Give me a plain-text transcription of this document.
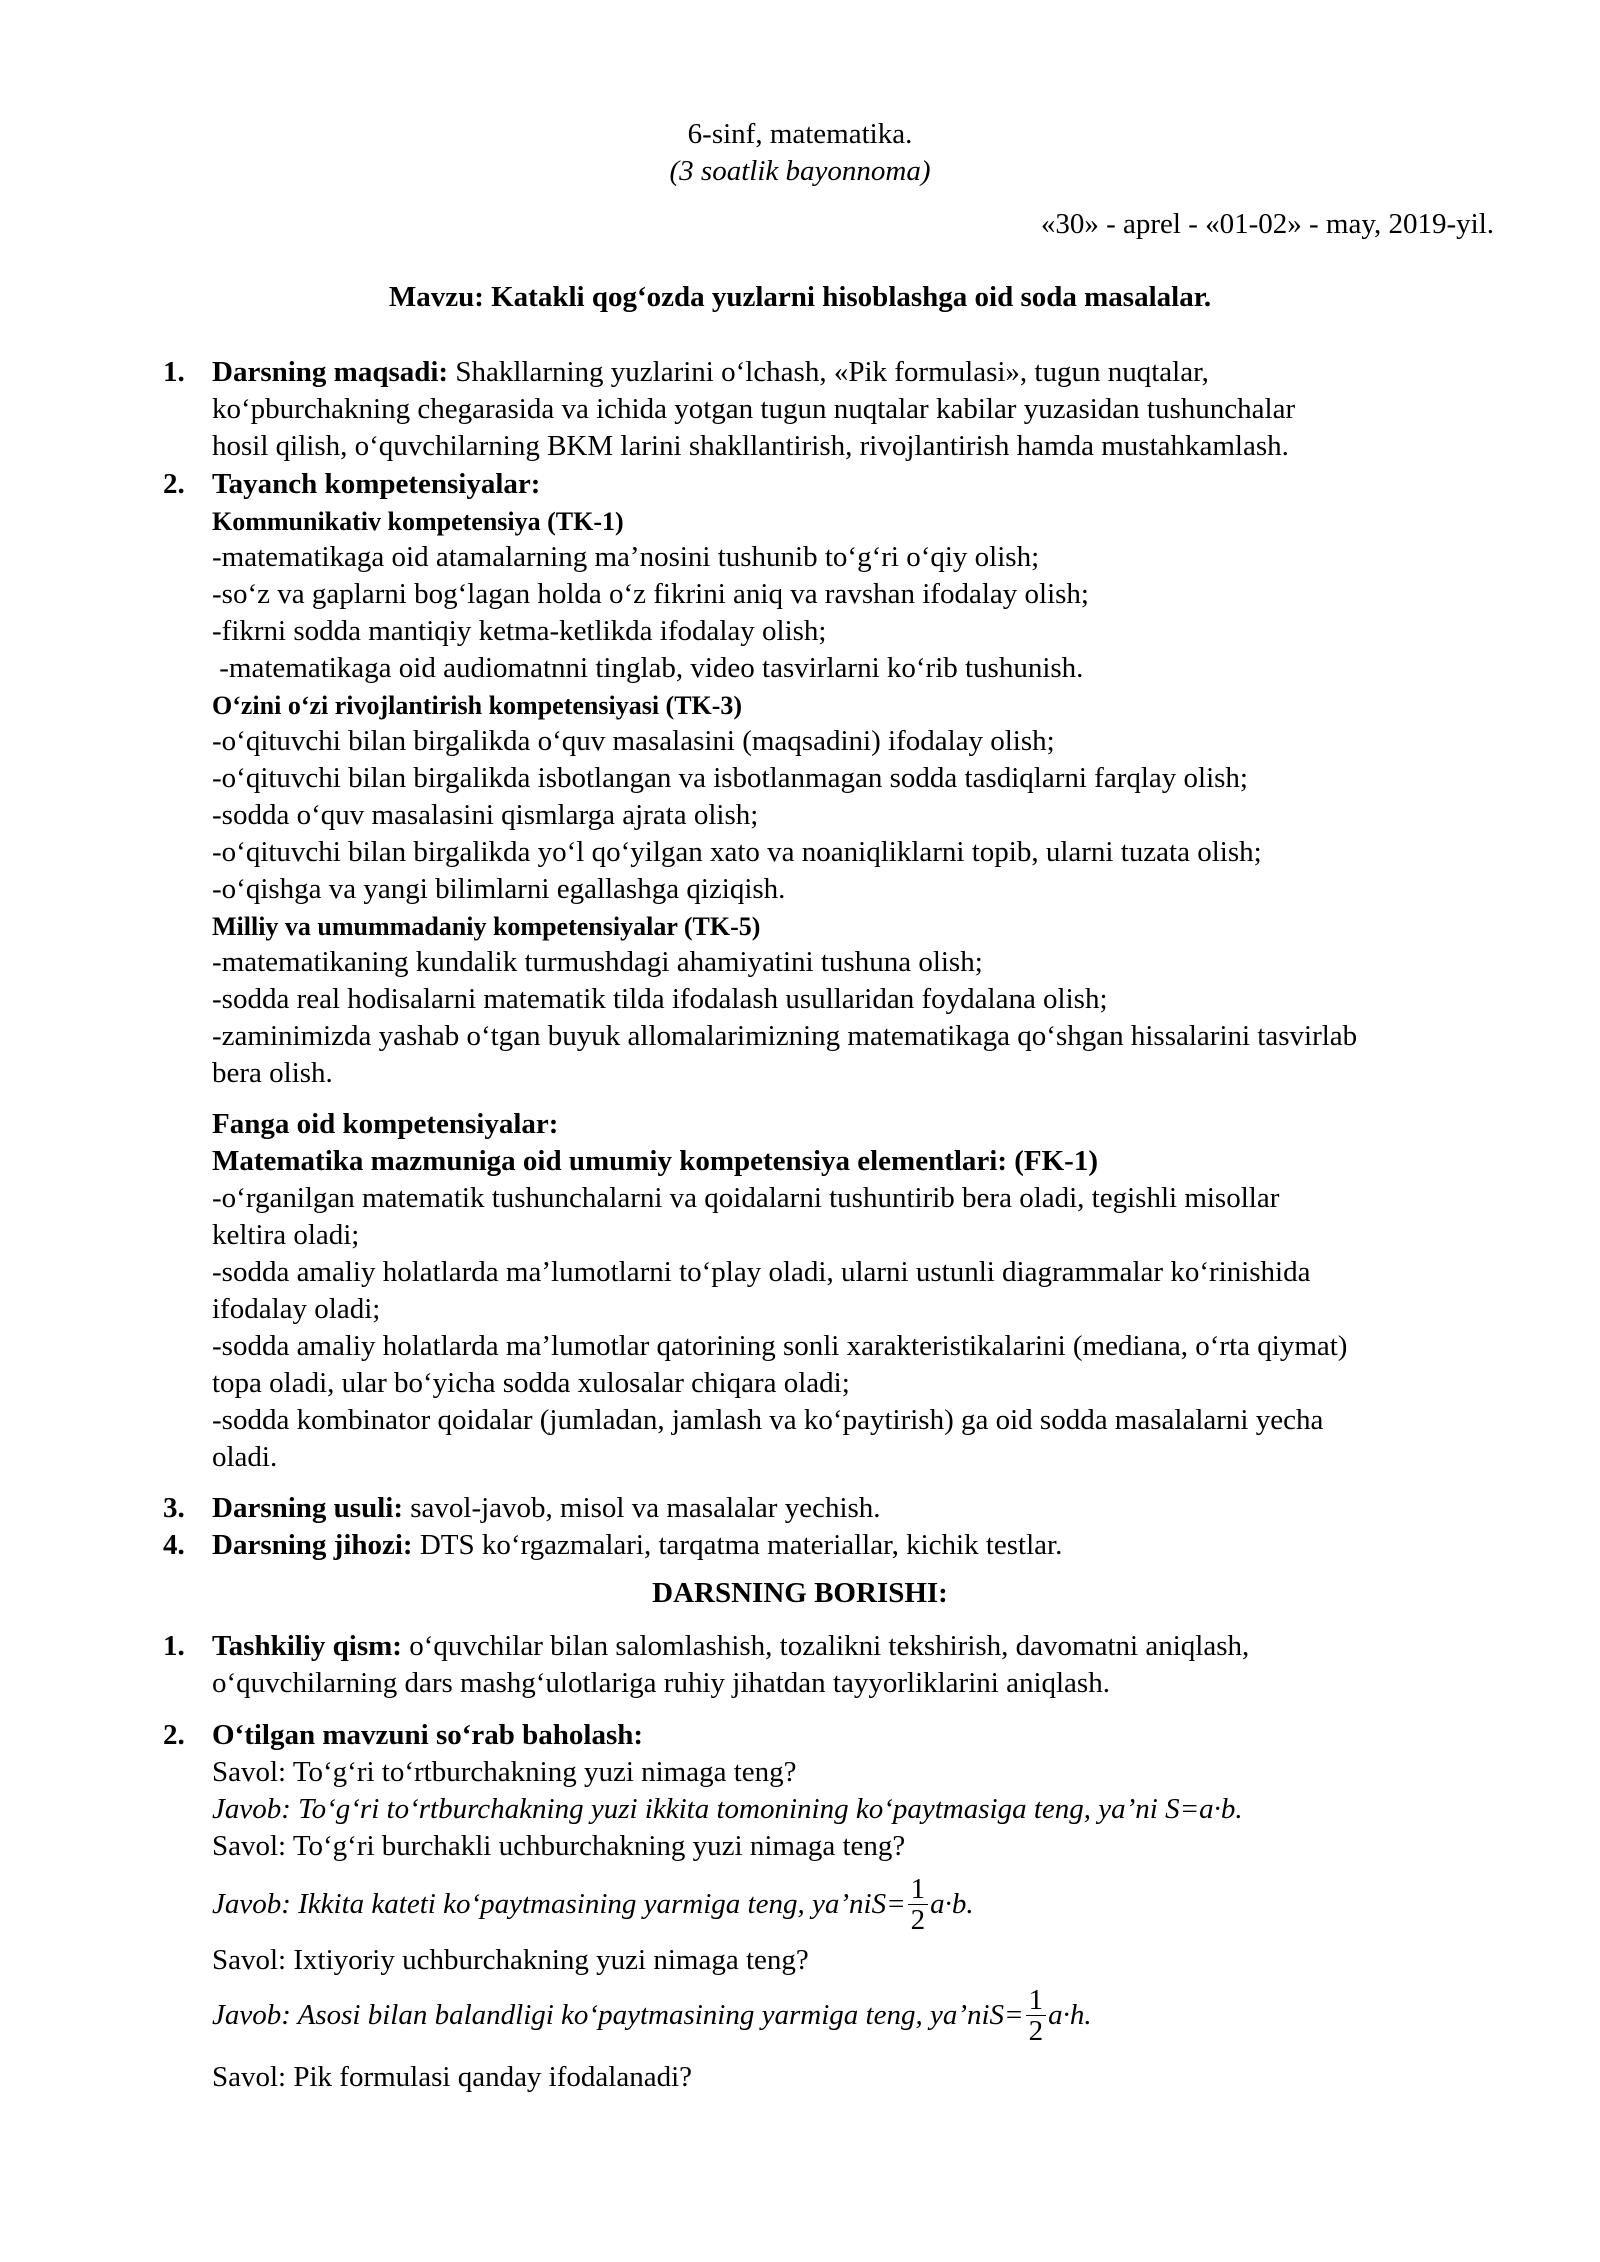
6-sinf, matematika.
(3 soatlik bayonnoma)
«30» - aprel - «01-02» - may, 2019-yil.
Mavzu: Katakli qog‘ozda yuzlarni hisoblashga oid soda masalalar.
1. Darsning maqsadi: Shakllarning yuzlarini o‘lchash, «Pik formulasi», tugun nuqtalar,
ko‘pburchakning chegarasida va ichida yotgan tugun nuqtalar kabilar yuzasidan tushunchalar
hosil qilish, o‘quvchilarning BKM larini shakllantirish, rivojlantirish hamda mustahkamlash.
2. Tayanch kompetensiyalar:
Kommunikativ kompetensiya (TK-1)
-matematikaga oid atamalarning ma’nosini tushunib to‘g‘ri o‘qiy olish;
-so‘z va gaplarni bog‘lagan holda o‘z fikrini aniq va ravshan ifodalay olish;
-fikrni sodda mantiqiy ketma-ketlikda ifodalay olish;
-matematikaga oid audiomatnni tinglab, video tasvirlarni ko‘rib tushunish.
O‘zini o‘zi rivojlantirish kompetensiyasi (TK-3)
-o‘qituvchi bilan birgalikda o‘quv masalasini (maqsadini) ifodalay olish;
-o‘qituvchi bilan birgalikda isbotlangan va isbotlanmagan sodda tasdiqlarni farqlay olish;
-sodda o‘quv masalasini qismlarga ajrata olish;
-o‘qituvchi bilan birgalikda yo‘l qo‘yilgan xato va noaniqliklarni topib, ularni tuzata olish;
-o‘qishga va yangi bilimlarni egallashga qiziqish.
Milliy va umummadaniy kompetensiyalar (TK-5)
-matematikaning kundalik turmushdagi ahamiyatini tushuna olish;
-sodda real hodisalarni matematik tilda ifodalash usullaridan foydalana olish;
-zaminimizda yashab o‘tgan buyuk allomalarimizning matematikaga qo‘shgan hissalarini tasvirlab
bera olish.
Fanga oid kompetensiyalar:
Matematika mazmuniga oid umumiy kompetensiya elementlari: (FK-1)
-o‘rganilgan matematik tushunchalarni va qoidalarni tushuntirib bera oladi, tegishli misollar
keltira oladi;
-sodda amaliy holatlarda ma’lumotlarni to‘play oladi, ularni ustunli diagrammalar ko‘rinishida
ifodalay oladi;
-sodda amaliy holatlarda ma’lumotlar qatorining sonli xarakteristikalarini (mediana, o‘rta qiymat)
topa oladi, ular bo‘yicha sodda xulosalar chiqara oladi;
-sodda kombinator qoidalar (jumladan, jamlash va ko‘paytirish) ga oid sodda masalalarni yecha
oladi.
3. Darsning usuli: savol-javob, misol va masalalar yechish.
4. Darsning jihozi: DTS ko‘rgazmalari, tarqatma materiallar, kichik testlar.
DARSNING BORISHI:
1. Tashkiliy qism: o‘quvchilar bilan salomlashish, tozalikni tekshirish, davomatni aniqlash,
o‘quvchilarning dars mashg‘ulotlariga ruhiy jihatdan tayyorliklarini aniqlash.
2. O‘tilgan mavzuni so‘rab baholash:
Savol: To‘g‘ri to‘rtburchakning yuzi nimaga teng?
Javob: To‘g‘ri to‘rtburchakning yuzi ikkita tomonining ko‘paytmasiga teng, ya’ni S=a·b.
Savol: To‘g‘ri burchakli uchburchakning yuzi nimaga teng?
Javob: Ikkita kateti ko‘paytmasining yarmiga teng, ya’ni $S= \frac{1}{2} a\cdot b$ .
Savol: Ixtiyoriy uchburchakning yuzi nimaga teng?
Javob: Asosi bilan balandligi ko‘paytmasining yarmiga teng, ya’ni $S= \frac{1}{2} a\cdot h$ .
Savol: Pik formulasi qanday ifodalanadi?
